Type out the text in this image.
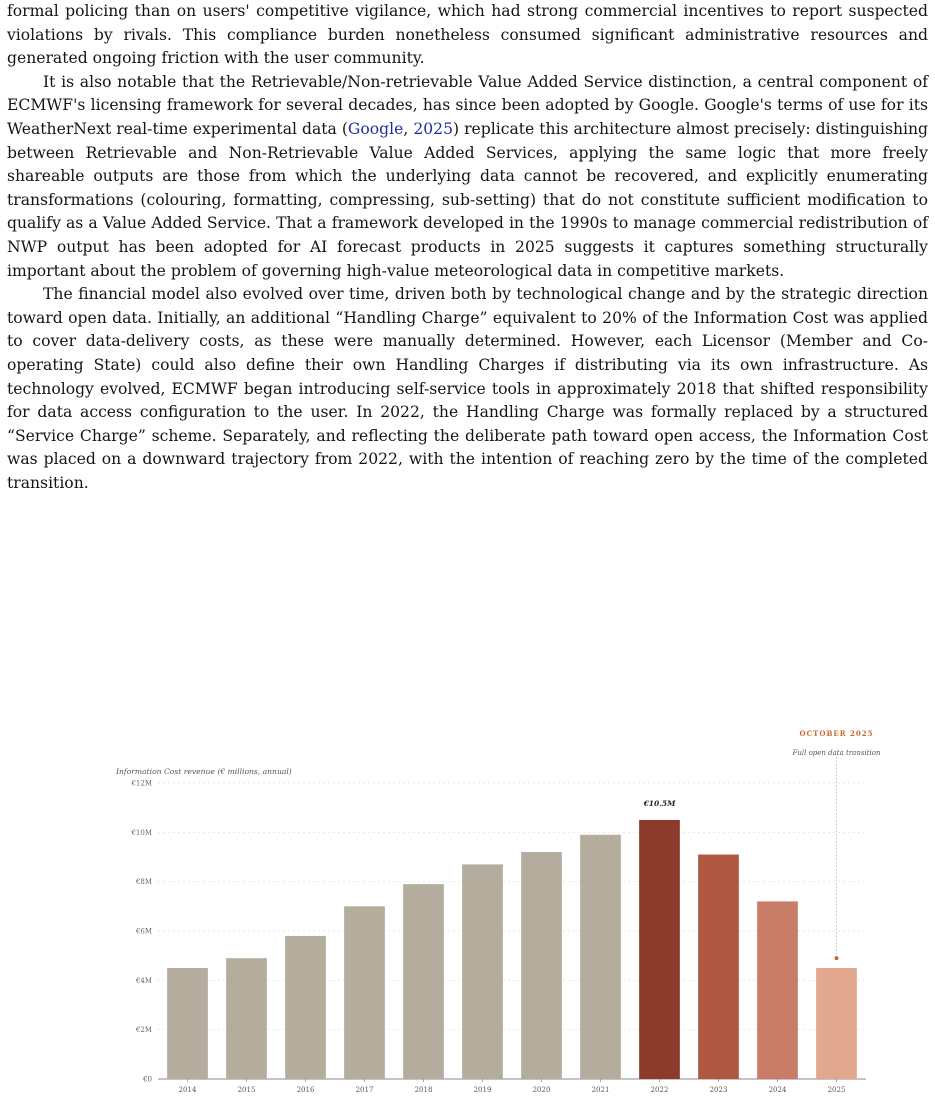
formal policing than on users' competitive vigilance, which had strong commercial incentives to report suspected violations by rivals. This compliance burden nonetheless consumed significant administrative resources and generated ongoing friction with the user community.

It is also notable that the Retrievable/Non-retrievable Value Added Service distinction, a central component of ECMWF's licensing framework for several decades, has since been adopted by Google. Google's terms of use for its WeatherNext real-time experimental data (Google, 2025) replicate this architecture almost precisely: distinguishing between Retrievable and Non-Retrievable Value Added Services, applying the same logic that more freely shareable outputs are those from which the underlying data cannot be recovered, and explicitly enumerating transformations (colouring, formatting, compressing, sub-setting) that do not constitute sufficient modification to qualify as a Value Added Service. That a framework developed in the 1990s to manage commercial redistribution of NWP output has been adopted for AI forecast products in 2025 suggests it captures something structurally important about the problem of governing high-value meteorological data in competitive markets.

The financial model also evolved over time, driven both by technological change and by the strategic direction toward open data. Initially, an additional “Handling Charge” equivalent to 20% of the Information Cost was applied to cover data-delivery costs, as these were manually determined. However, each Licensor (Member and Co-operating State) could also define their own Handling Charges if distributing via its own infrastructure. As technology evolved, ECMWF began introducing self-service tools in approximately 2018 that shifted responsibility for data access configuration to the user. In 2022, the Handling Charge was formally replaced by a structured “Service Charge” scheme. Separately, and reflecting the deliberate path toward open access, the Information Cost was placed on a downward trajectory from 2022, with the intention of reaching zero by the time of the completed transition.

€0
€2M
€4M
€6M
€8M
€10M
€12M
2014	2015	2016	2017	2018	2019	2020	2021	2022	2023	2024	2025
€10.5M
OCTOBER 2025
Full open data transition
Information Cost revenue (€ millions, annual)
